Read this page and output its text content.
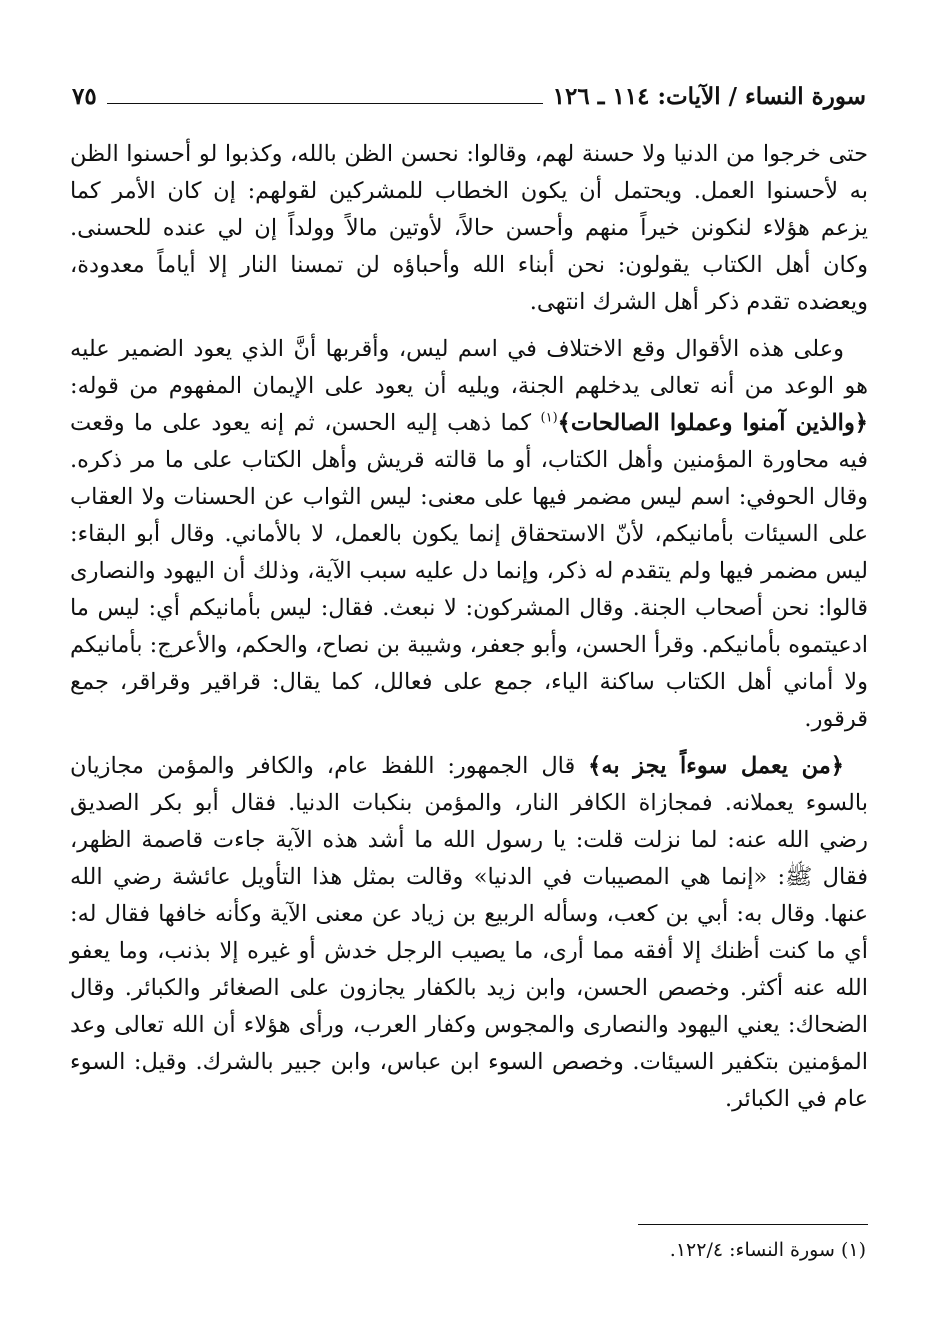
سورة النساء / الآيات: ١١٤ ـ ١٢٦
٧٥

حتى خرجوا من الدنيا ولا حسنة لهم، وقالوا: نحسن الظن بالله، وكذبوا لو أحسنوا الظن به لأحسنوا العمل. ويحتمل أن يكون الخطاب للمشركين لقولهم: إن كان الأمر كما يزعم هؤلاء لنكونن خيراً منهم وأحسن حالاً، لأوتين مالاً وولداً إن لي عنده للحسنى. وكان أهل الكتاب يقولون: نحن أبناء الله وأحباؤه لن تمسنا النار إلا أياماً معدودة، ويعضده تقدم ذكر أهل الشرك انتهى.

وعلى هذه الأقوال وقع الاختلاف في اسم ليس، وأقربها أنَّ الذي يعود الضمير عليه هو الوعد من أنه تعالى يدخلهم الجنة، ويليه أن يعود على الإيمان المفهوم من قوله: ﴿والذين آمنوا وعملوا الصالحات﴾$^{(١)}$ كما ذهب إليه الحسن، ثم إنه يعود على ما وقعت فيه محاورة المؤمنين وأهل الكتاب، أو ما قالته قريش وأهل الكتاب على ما مر ذكره. وقال الحوفي: اسم ليس مضمر فيها على معنى: ليس الثواب عن الحسنات ولا العقاب على السيئات بأمانيكم، لأنّ الاستحقاق إنما يكون بالعمل، لا بالأماني. وقال أبو البقاء: ليس مضمر فيها ولم يتقدم له ذكر، وإنما دل عليه سبب الآية، وذلك أن اليهود والنصارى قالوا: نحن أصحاب الجنة. وقال المشركون: لا نبعث. فقال: ليس بأمانيكم أي: ليس ما ادعيتموه بأمانيكم. وقرأ الحسن، وأبو جعفر، وشيبة بن نصاح، والحكم، والأعرج: بأمانيكم ولا أماني أهل الكتاب ساكنة الياء، جمع على فعالل، كما يقال: قراقير وقراقر، جمع قرقور.

﴿من يعمل سوءاً يجز به﴾ قال الجمهور: اللفظ عام، والكافر والمؤمن مجازيان بالسوء يعملانه. فمجازاة الكافر النار، والمؤمن بنكبات الدنيا. فقال أبو بكر الصديق رضي الله عنه: لما نزلت قلت: يا رسول الله ما أشد هذه الآية جاءت قاصمة الظهر، فقال ﷺ: «إنما هي المصيبات في الدنيا» وقالت بمثل هذا التأويل عائشة رضي الله عنها. وقال به: أبي بن كعب، وسأله الربيع بن زياد عن معنى الآية وكأنه خافها فقال له: أي ما كنت أظنك إلا أفقه مما أرى، ما يصيب الرجل خدش أو غيره إلا بذنب، وما يعفو الله عنه أكثر. وخصص الحسن، وابن زيد بالكفار يجازون على الصغائر والكبائر. وقال الضحاك: يعني اليهود والنصارى والمجوس وكفار العرب، ورأى هؤلاء أن الله تعالى وعد المؤمنين بتكفير السيئات. وخصص السوء ابن عباس، وابن جبير بالشرك. وقيل: السوء عام في الكبائر.

(١) سورة النساء: ١٢٢/٤.
